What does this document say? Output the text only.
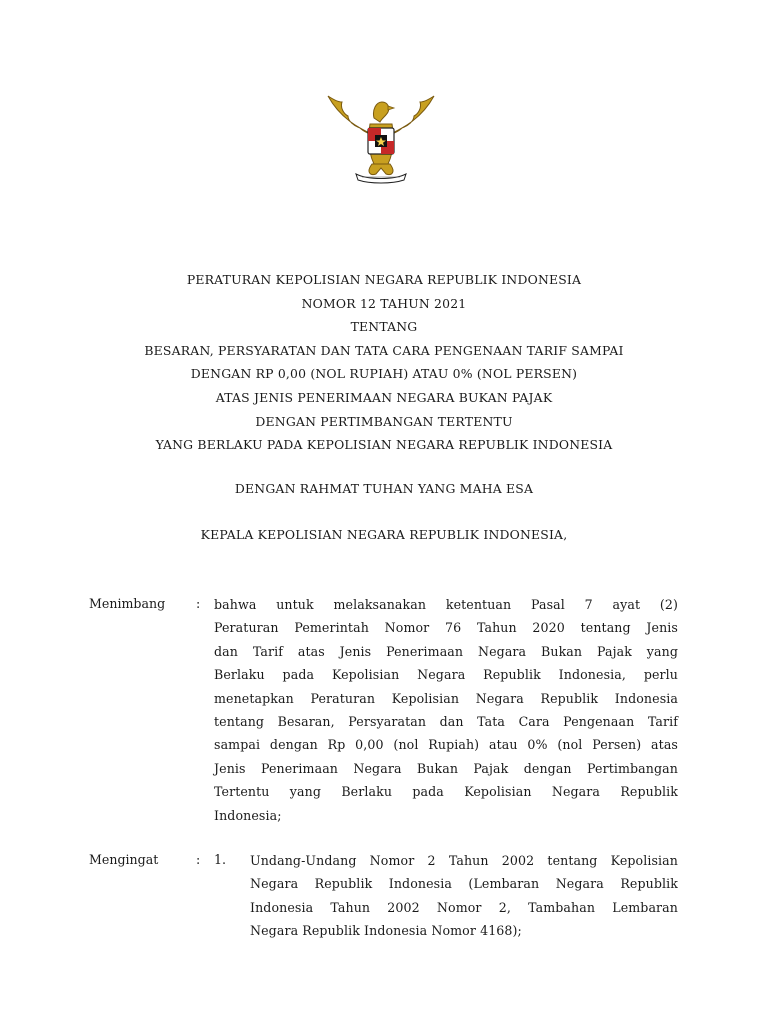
PERATURAN KEPOLISIAN NEGARA REPUBLIK INDONESIA
NOMOR 12 TAHUN 2021
TENTANG
BESARAN, PERSYARATAN DAN TATA CARA PENGENAAN TARIF SAMPAI
DENGAN RP 0,00 (NOL RUPIAH) ATAU 0% (NOL PERSEN)
ATAS JENIS PENERIMAAN NEGARA BUKAN PAJAK
DENGAN PERTIMBANGAN TERTENTU
YANG BERLAKU PADA KEPOLISIAN NEGARA REPUBLIK INDONESIA
DENGAN RAHMAT TUHAN YANG MAHA ESA
KEPALA KEPOLISIAN NEGARA REPUBLIK INDONESIA,
Menimbang : bahwa untuk melaksanakan ketentuan Pasal 7 ayat (2)
Peraturan Pemerintah Nomor 76 Tahun 2020 tentang Jenis
dan Tarif atas Jenis Penerimaan Negara Bukan Pajak yang
Berlaku pada Kepolisian Negara Republik Indonesia, perlu
menetapkan Peraturan Kepolisian Negara Republik Indonesia
tentang Besaran, Persyaratan dan Tata Cara Pengenaan Tarif
sampai dengan Rp 0,00 (nol Rupiah) atau 0% (nol Persen) atas
Jenis Penerimaan Negara Bukan Pajak dengan Pertimbangan
Tertentu yang Berlaku pada Kepolisian Negara Republik
Indonesia;
Mengingat	: 1. Undang-Undang Nomor 2 Tahun 2002 tentang Kepolisian
Negara Republik Indonesia (Lembaran Negara Republik
Indonesia Tahun 2002 Nomor 2, Tambahan Lembaran
Negara Republik Indonesia Nomor 4168);
